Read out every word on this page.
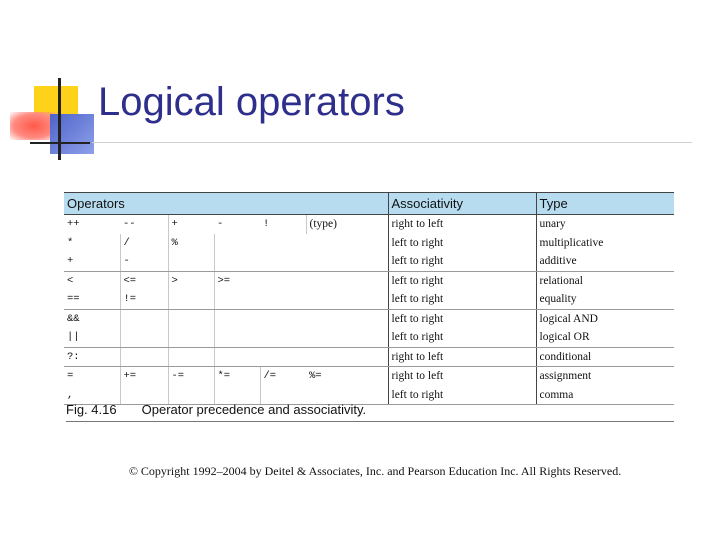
Logical operators
Operators						Associativity	Type
++	--	+	-	!	(type)	right to left	unary
*	/	%				left to right	multiplicative
+	-					left to right	additive
<	<=	>	>=			left to right	relational
==	!=					left to right	equality
&&						left to right	logical AND
||						left to right	logical OR
?:						right to left	conditional
=	+=	-=	*=	/=	%=	right to left	assignment
,						left to right	comma
Fig. 4.16 Operator precedence and associativity.
© Copyright 1992–2004 by Deitel & Associates, Inc. and Pearson Education Inc. All Rights Reserved.
